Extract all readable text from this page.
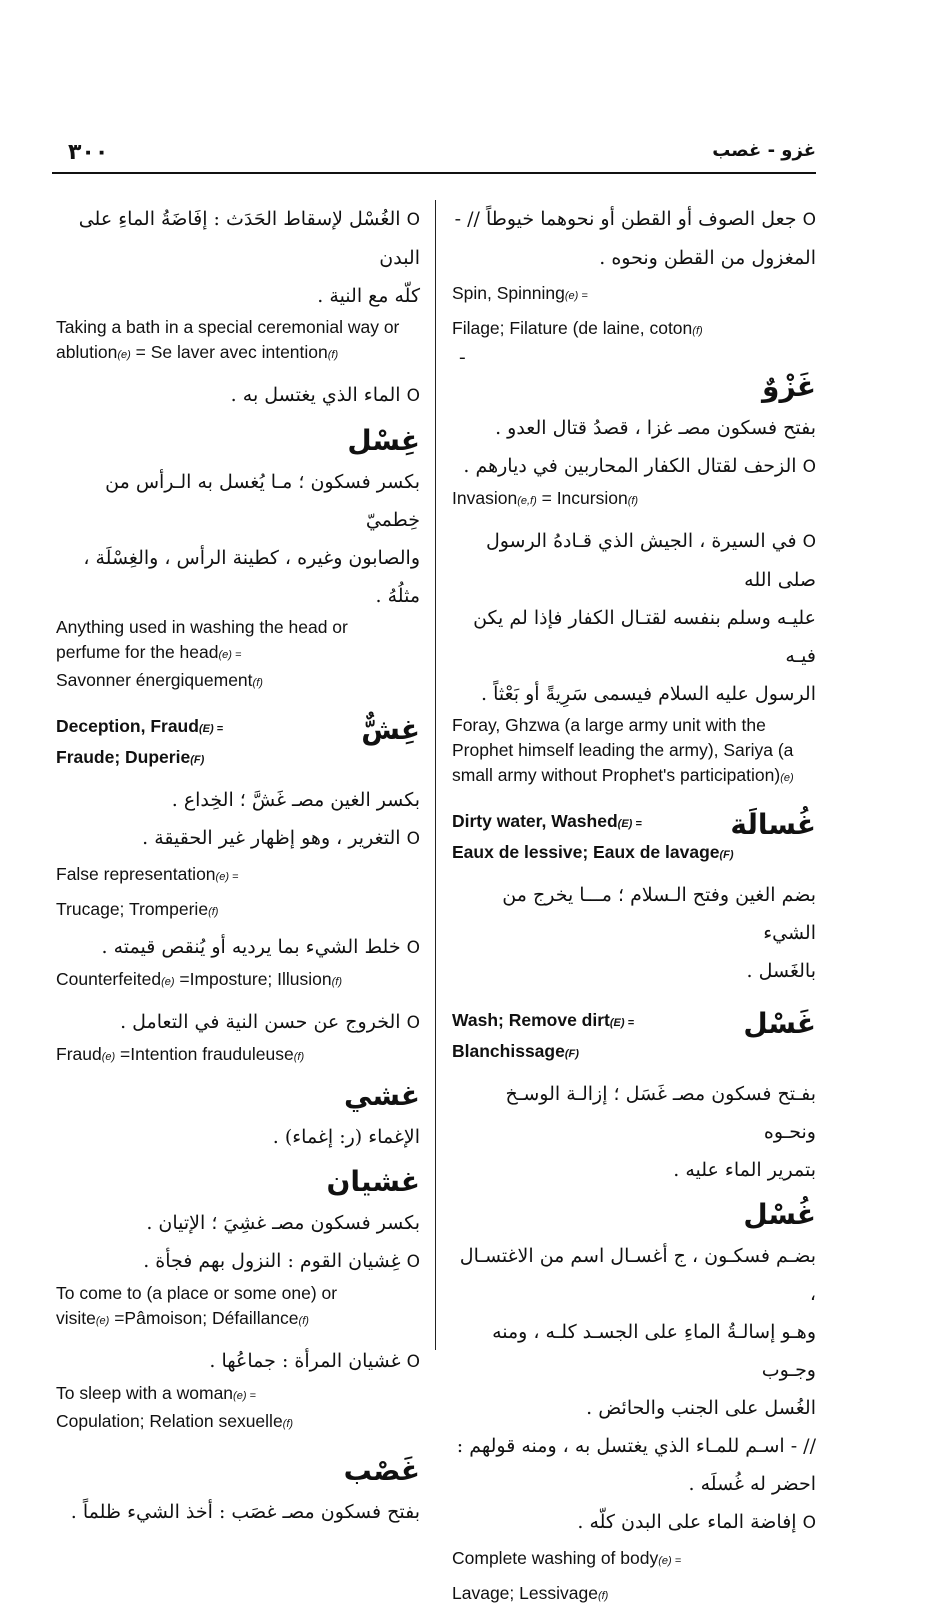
٣٠٠	غزو - غصب
O جعل الصوف أو القطن أو نحوهما خيوطاً // -
المغزول من القطن ونحوه .
Spin, Spinning(e) =
Filage; Filature (de laine, coton(f)
ـ
غَزْوٌ
بفتح فسكون مصـ غزا ، قصدُ قتال العدو .
O الزحف لقتال الكفار المحاربين في ديارهم .
Invasion(e,f) = Incursion(f)
O في السيرة ، الجيش الذي قـادهُ الرسول صلى الله
عليـه وسلم بنفسه لقتـال الكفار فإذا لم يكن فيـه
الرسول عليه السلام فيسمى سَرِيةً أو بَعْثاً .
Foray, Ghzwa (a large army unit with the Prophet himself leading the army), Sariya (a small army without Prophet's participation)(e)
غُسالَة
Dirty water, Washed(E) =
Eaux de lessive; Eaux de lavage(F)
بضم الغين وفتح الـسلام ؛ مـــا يخرج من الشيء
بالغَسل .
غَسْل
Wash; Remove dirt(E) =
Blanchissage(F)
بفـتح فسكون مصـ غَسَل ؛ إزالـة الوسـخ ونحـوه
بتمرير الماء عليه .
غُسْل
بضـم فسكـون ، ج أغسـال اسم من الاغتسـال ،
وهـو إسالـةُ الماءِ على الجسـد كلـه ، ومنه وجـوب
الغُسل على الجنب والحائض .
// - اسـم للمـاء الذي يغتسل به ، ومنه قولهم :
احضر له غُسلَه .
O إفاضة الماء على البدن كلّه .
Complete washing of body(e) =
Lavage; Lessivage(f)
O الغُسْل لإسقاط الحَدَث : إفَاضَةُ الماءِ على البدن
كلّه مع النية .
Taking a bath in a special ceremonial way or ablution(e) = Se laver avec intention(f)
O الماء الذي يغتسل به .
غِسْل
بكسر فسكون ؛ مـا يُغسل به الـرأس من خِطميّ
والصابون وغيره ، كطينة الرأس ، والغِسْلَة ، مثلُهُ .
Anything used in washing the head or
perfume for the head(e) =
Savonner énergiquement(f)
غِشٌّ
Deception, Fraud(E) =
Fraude; Duperie(F)
بكسر الغين مصـ غَشَّ ؛ الخِداع .
O التغرير ، وهو إظهار غير الحقيقة .
False representation(e) =
Trucage; Tromperie(f)
O خلط الشيء بما يرديه أو يُنقص قيمته .
Counterfeited(e) =Imposture; Illusion(f)
O الخروج عن حسن النية في التعامل .
Fraud(e) =Intention frauduleuse(f)
غشي
الإغماء (ر: إغماء) .
غشيان
بكسر فسكون مصـ غشِيَ ؛ الإتيان .
O غِشيان القوم : النزول بهم فجأة .
To come to (a place or some one) or
visite(e) =Pâmoison; Défaillance(f)
O غشيان المرأة : جماعُها .
To sleep with a woman(e) =
Copulation; Relation sexuelle(f)
غَصْب
بفتح فسكون مصـ غصَب : أخذ الشيء ظلماً .
